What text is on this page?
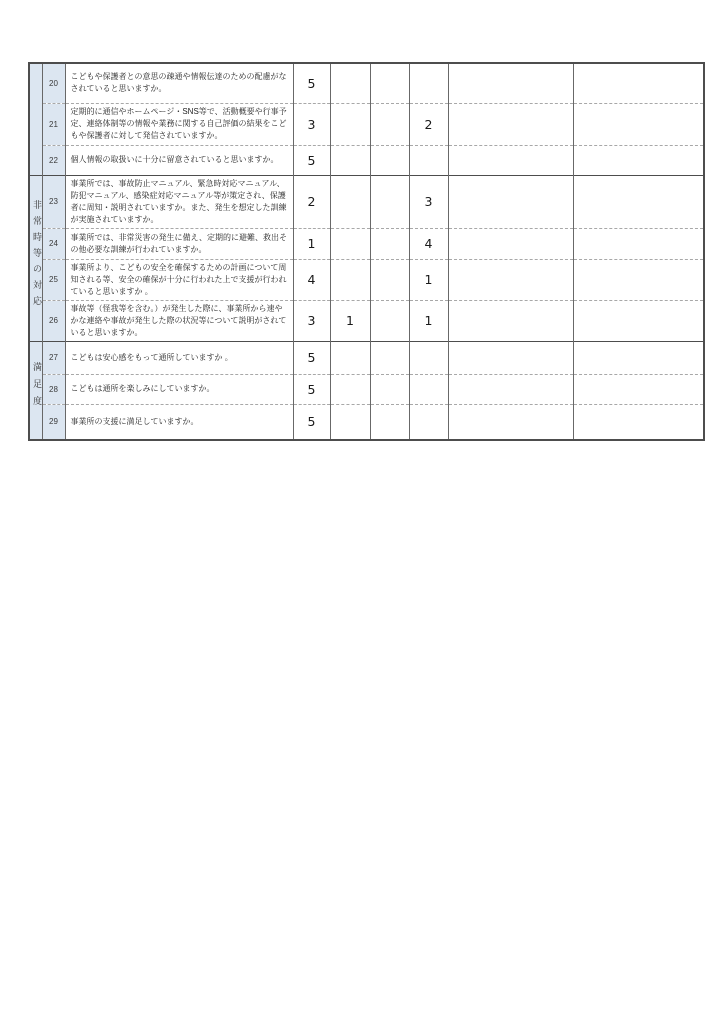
	20	こどもや保護者との意思の疎通や情報伝達のための配慮がなされていると思いますか。	5					
	21	定期的に通信やホームページ・SNS等で、活動概要や行事予定、連絡体制等の情報や業務に関する自己評価の結果をこどもや保護者に対して発信されていますか。	3			2		
	22	個人情報の取扱いに十分に留意されていると思いますか。	5					
非常時等の対応	23	事業所では、事故防止マニュアル、緊急時対応マニュアル、防犯マニュアル、感染症対応マニュアル等が策定され、保護者に周知・説明されていますか。また、発生を想定した訓練が実施されていますか。	2			3		
	24	事業所では、非常災害の発生に備え、定期的に避難、救出その他必要な訓練が行われていますか。	1			4		
	25	事業所より、こどもの安全を確保するための計画について周知される等、安全の確保が十分に行われた上で支援が行われていると思いますか 。	4			1		
	26	事故等（怪我等を含む。）が発生した際に、事業所から速やかな連絡や事故が発生した際の状況等について説明がされていると思いますか。	3	1		1		
満足度	27	こどもは安心感をもって通所していますか 。	5					
	28	こどもは通所を楽しみにしていますか。	5					
	29	事業所の支援に満足していますか。	5					
